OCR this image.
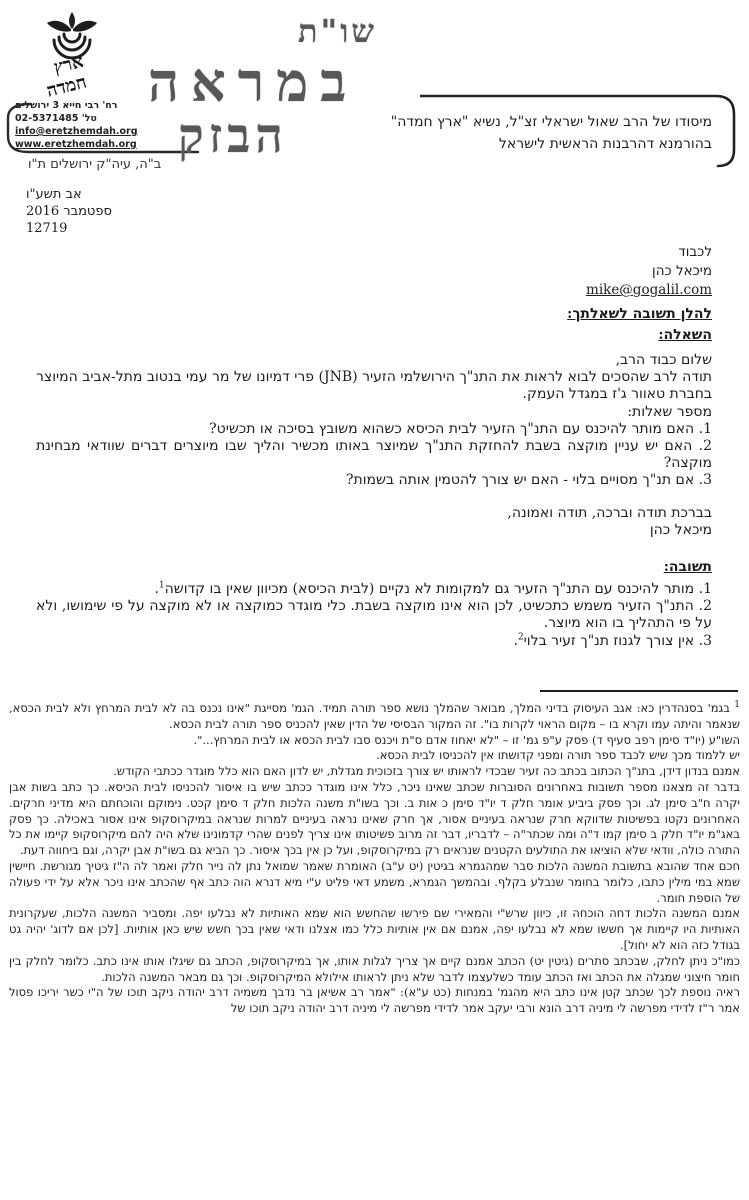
ארץ
חמדה
רח' רבי חייא 3 ירושלים
טל' 02-5371485
info@eretzhemdah.org
www.eretzhemdah.org
שו"ת
במראה
הבזק	מיסודו של הרב שאול ישראלי זצ"ל, נשיא "ארץ חמדה"
בהורמנא דהרבנות הראשית לישראל
ב"ה, עיה"ק ירושלים ת"ו
אב תשע"ו
ספטמבר 2016
12719
לכבוד
מיכאל כהן
mike@gogalil.com
להלן תשובה לשאלתך:
השאלה:
שלום כבוד הרב,
תודה לרב שהסכים לבוא לראות את התנ"ך הירושלמי הזעיר (JNB) פרי דמיונו של מר עמי בנטוב מתל-אביב המיוצר בחברת טאוור ג'ז במגדל העמק.
מספר שאלות:
1. האם מותר להיכנס עם התנ"ך הזעיר לבית הכיסא כשהוא משובץ בסיכה או תכשיט?
2. האם יש עניין מוקצה בשבת להחזקת התנ"ך שמיוצר באותו מכשיר והליך שבו מיוצרים דברים שוודאי מבחינת מוקצה?
3. אם תנ"ך מסויים בלוי - האם יש צורך להטמין אותה בשמות?
בברכת תודה וברכה, תודה ואמונה,
מיכאל כהן
תשובה:
1. מותר להיכנס עם התנ"ך הזעיר גם למקומות לא נקיים (לבית הכיסא) מכיוון שאין בו קדושה$^1$.
2. התנ"ך הזעיר משמש כתכשיט, לכן הוא אינו מוקצה בשבת. כלי מוגדר כמוקצה או לא מוקצה על פי שימושו, ולא על פי התהליך בו הוא מיוצר.
3. אין צורך לגנוז תנ"ך זעיר בלוי$^2$.

$^1$ בגמ' בסנהדרין כא: אגב העיסוק בדיני המלך, מבואר שהמלך נושא ספר תורה תמיד. הגמ' מסייגת "אינו נכנס בה לא לבית המרחץ ולא לבית הכסא, שנאמר והיתה עמו וקרא בו – מקום הראוי לקרות בו". זה המקור הבסיסי של הדין שאין להכניס ספר תורה לבית הכסא.

השו"ע (יו"ד סימן רפב סעיף ד) פסק ע"פ גמ' זו – "לא יאחוז אדם ס"ת ויכנס סבו לבית הכסא או לבית המרחץ...".

יש ללמוד מכך שיש לכבד ספר תורה ומפני קדושתו אין להכניסו לבית הכסא.

אמנם בנדון דידן, בתנ"ך הכתוב בכתב כה זעיר שבכדי לראותו יש צורך בזכוכית מגדלת, יש לדון האם הוא כלל מוגדר ככתבי הקודש.

בדבר זה מצאנו מספר תשובות באחרונים הסוברות שכתב שאינו ניכר, כלל אינו מוגדר ככתב שיש בו איסור להכניסו לבית הכיסא. כך כתב בשות אבן יקרה ח"ב סימן לג. וכך פסק ביביע אומר חלק ד יו"ד סימן כ אות ב. וכך בשו"ת משנה הלכות חלק ד סימן קכט. נימוקם והוכחתם היא מדיני חרקים. האחרונים נקטו בפשיטות שדווקא חרק שנראה בעיניים אסור, אך חרק שאינו נראה בעיניים למרות שנראה במיקרוסקופ אינו אסור באכילה. כך פסק באג"מ יו"ד חלק ב סימן קמו ד"ה ומה שכתר"ה – לדבריו, דבר זה מרוב פשיטותו אינו צריך לפנים שהרי קדמונינו שלא היה להם מיקרוסקופ קיימו את כל התורה כולה, וודאי שלא הוציאו את התולעים הקטנים שנראים רק במיקרוסקופ, ועל כן אין בכך איסור. כך הביא גם בשו"ת אבן יקרה, וגם ביחווה דעת.

חכם אחד שהובא בתשובת המשנה הלכות סבר שמהגמרא בגיטין (יט ע"ב) האומרת שאמר שמואל נתן לה נייר חלק ואמר לה ה"ז גיטיך מגורשת. חיישין שמא במי מילין כתבו, כלומר בחומר שנבלע בקלף. ובהמשך הגמרא, משמע דאי פליט ע"י מיא דנרא הוה כתב אף שהכתב אינו ניכר אלא על ידי פעולה של הוספת חומר.

אמנם המשנה הלכות דחה הוכחה זו, כיוון שרש"י והמאירי שם פירשו שהחשש הוא שמא האותיות לא נבלעו יפה. ומסביר המשנה הלכות, שעקרונית האותיות היו קיימות אך חששו שמא לא נבלעו יפה, אמנם אם אין אותיות כלל כמו אצלנו ודאי שאין בכך חשש שיש כאן אותיות. [לכן אם לדוג' יהיה גט בגודל כזה הוא לא יחול].

כמו"כ ניתן לחלק, שבכתב סתרים (גיטין יט) הכתב אמנם קיים אך צריך לגלות אותו, אך במיקרוסקופ, הכתב גם שיגלו אותו אינו כתב. כלומר לחלק בין חומר חיצוני שמגלה את הכתב ואז הכתב עומד כשלעצמו לדבר שלא ניתן לראותו אילולא המיקרוסקופ. וכך גם מבאר המשנה הלכות.

ראיה נוספת לכך שכתב קטן אינו כתב היא מהגמ' במנחות (כט ע"א): "אמר רב אשיאן בר נדבך משמיה דרב יהודה ניקב תוכו של ה"י כשר יריכו פסול אמר ר"ז לדידי מפרשה לי מיניה דרב הונא ורבי יעקב אמר לדידי מפרשה לי מיניה דרב יהודה ניקב תוכו של
